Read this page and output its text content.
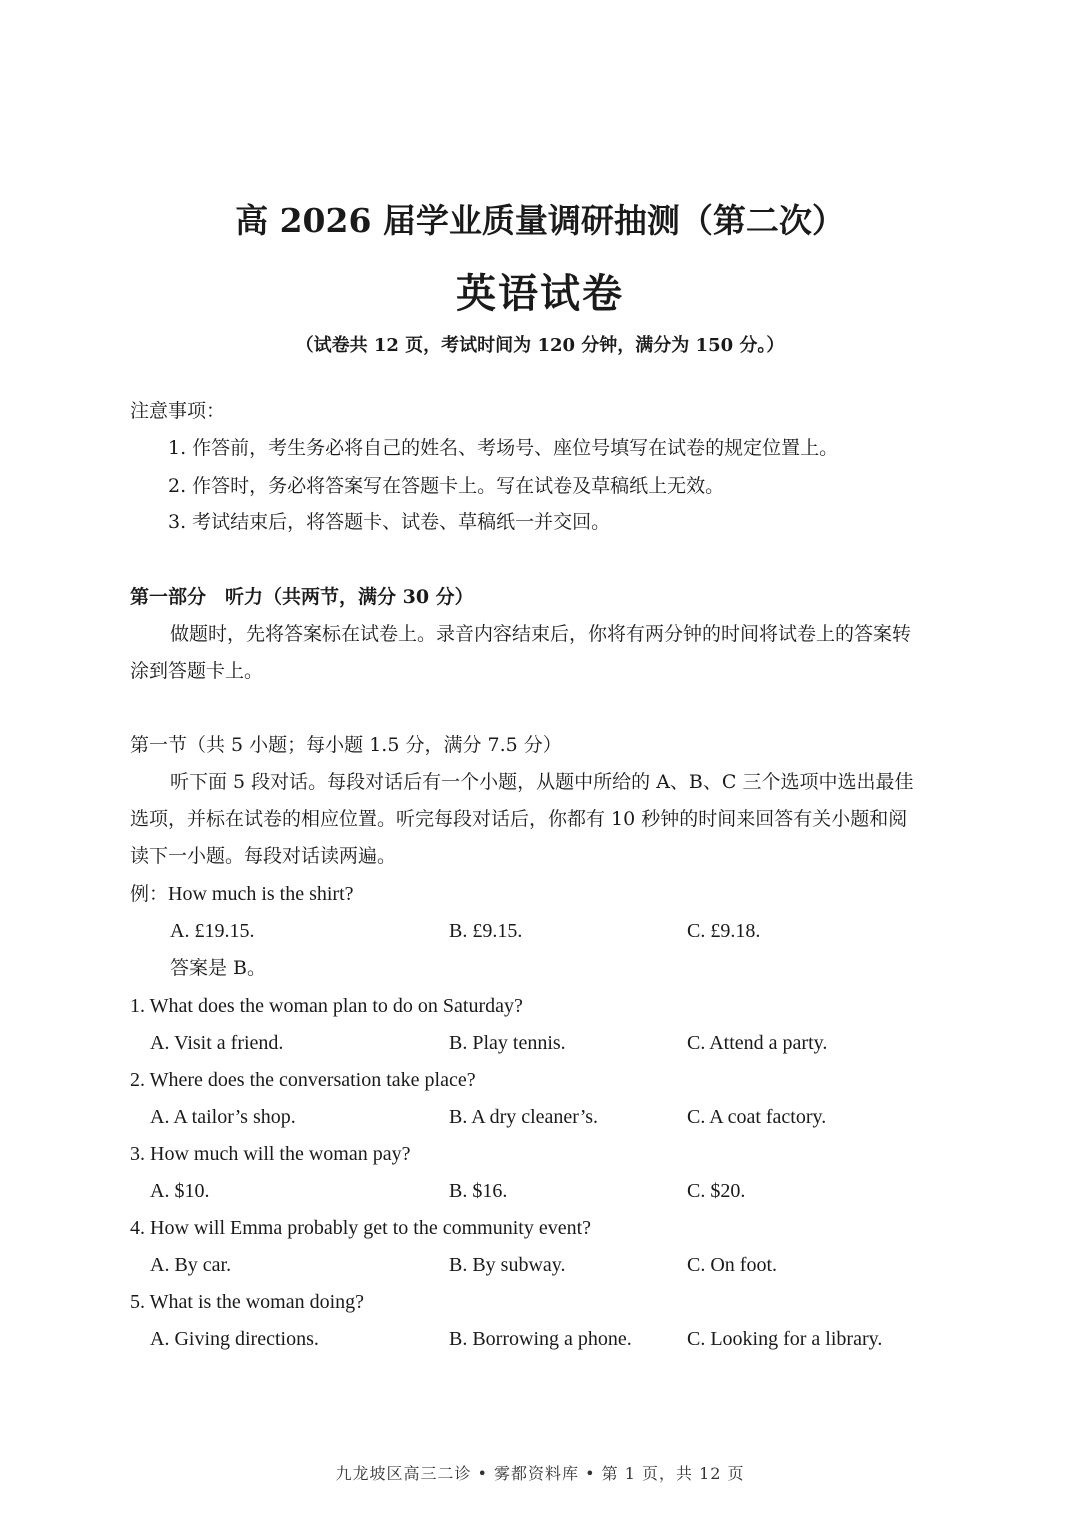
高 2026 届学业质量调研抽测（第二次）
英语试卷
（试卷共 12 页，考试时间为 120 分钟，满分为 150 分。）
注意事项：
1. 作答前，考生务必将自己的姓名、考场号、座位号填写在试卷的规定位置上。
2. 作答时，务必将答案写在答题卡上。写在试卷及草稿纸上无效。
3. 考试结束后，将答题卡、试卷、草稿纸一并交回。
第一部分　听力（共两节，满分 30 分）
做题时，先将答案标在试卷上。录音内容结束后，你将有两分钟的时间将试卷上的答案转
涂到答题卡上。
第一节（共 5 小题；每小题 1.5 分，满分 7.5 分）
听下面 5 段对话。每段对话后有一个小题，从题中所给的 A、B、C 三个选项中选出最佳
选项，并标在试卷的相应位置。听完每段对话后，你都有 10 秒钟的时间来回答有关小题和阅
读下一小题。每段对话读两遍。
例： How much is the shirt?
A. £19.15.	B. £9.15.	C. £9.18.
答案是 B。
1. What does the woman plan to do on Saturday?
A. Visit a friend.	B. Play tennis.	C. Attend a party.
2. Where does the conversation take place?
A. A tailor’s shop.	B. A dry cleaner’s.	C. A coat factory.
3. How much will the woman pay?
A. $10.	B. $16.	C. $20.
4. How will Emma probably get to the community event?
A. By car.	B. By subway.	C. On foot.
5. What is the woman doing?
A. Giving directions.	B. Borrowing a phone.	C. Looking for a library.
九龙坡区高三二诊 • 雾都资料库 • 第 1 页，共 12 页
